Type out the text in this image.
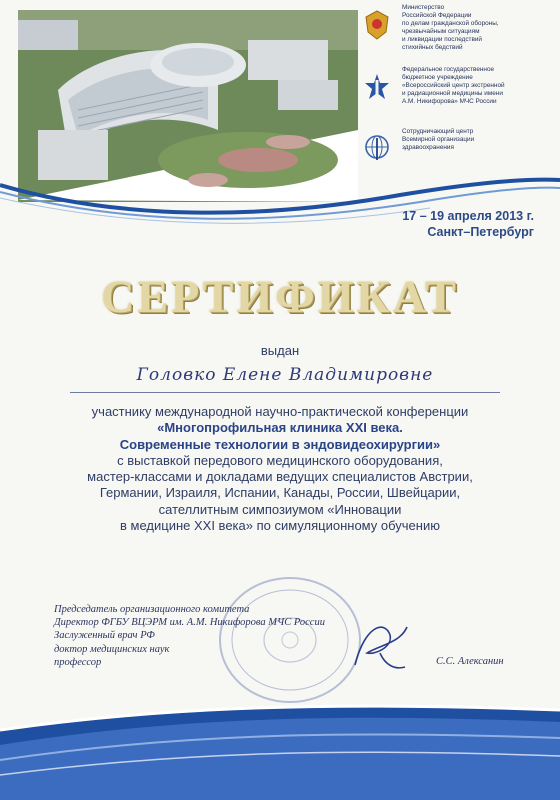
Министерство
Российской Федерации
по делам гражданской обороны,
чрезвычайным ситуациям
и ликвидации последствий
стихийных бедствий
Федеральное государственное
бюджетное учреждение
«Всероссийский центр экстренной
и радиационной медицины имени
А.М. Никифорова» МЧС России
Сотрудничающий центр
Всемирной организации
здравоохранения
17 – 19 апреля 2013 г.
Санкт–Петербург
СЕРТИФИКАТ
выдан
Головко Елене Владимировне
участнику международной научно-практической конференции
«Многопрофильная клиника XXI века.
Современные технологии в эндовидеохирургии»
с выставкой передового медицинского оборудования,
мастер-классами и докладами ведущих специалистов Австрии,
Германии, Израиля, Испании, Канады, России, Швейцарии,
сателлитным симпозиумом «Инновации
в медицине XXI века» по симуляционному обучению
Председатель организационного комитета
Директор ФГБУ ВЦЭРМ им. А.М. Никифорова МЧС России
Заслуженный врач РФ
доктор медицинских наук
профессор	С.С. Алексанин
